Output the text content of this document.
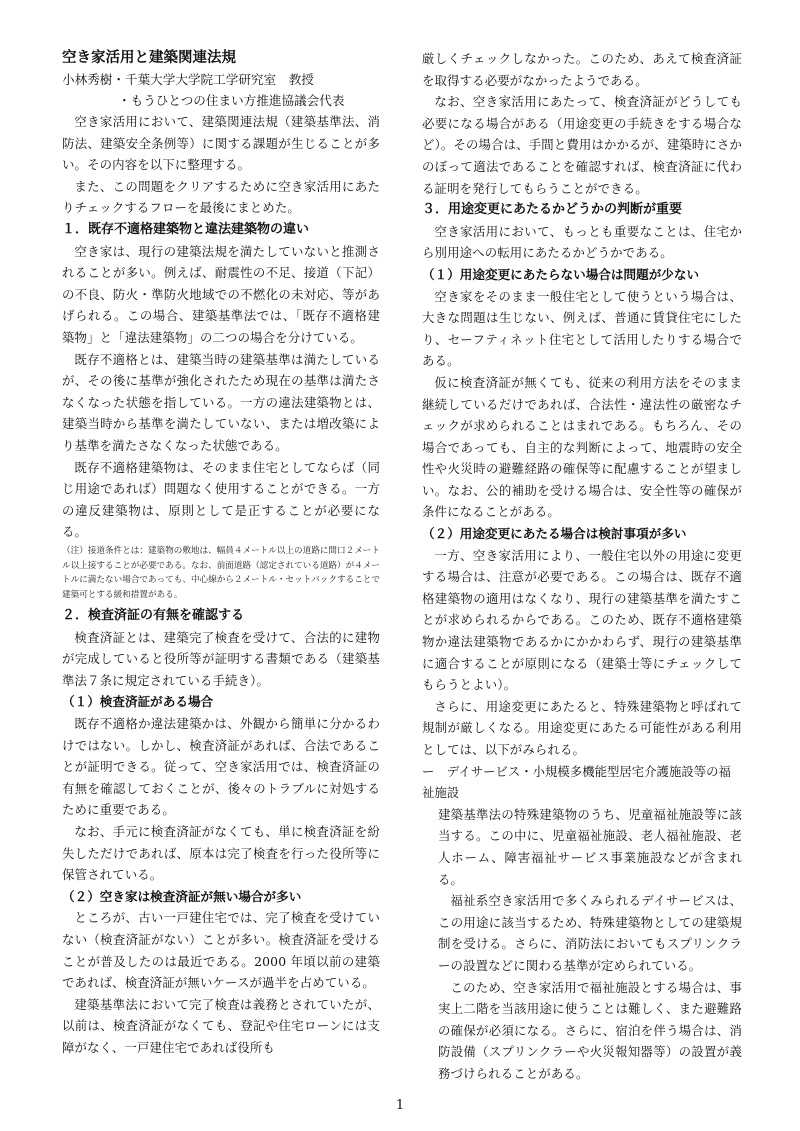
空き家活用と建築関連法規
小林秀樹・千葉大学大学院工学研究室　教授
・もうひとつの住まい方推進協議会代表

空き家活用において、建築関連法規（建築基準法、消防法、建築安全条例等）に関する課題が生じることが多い。その内容を以下に整理する。

また、この問題をクリアするために空き家活用にあたりチェックするフローを最後にまとめた。

１．既存不適格建築物と違法建築物の違い

空き家は、現行の建築法規を満たしていないと推測されることが多い。例えば、耐震性の不足、接道（下記）の不良、防火・準防火地域での不燃化の未対応、等があげられる。この場合、建築基準法では、「既存不適格建築物」と「違法建築物」の二つの場合を分けている。

既存不適格とは、建築当時の建築基準は満たしているが、その後に基準が強化されたため現在の基準は満たさなくなった状態を指している。一方の違法建築物とは、建築当時から基準を満たしていない、または増改築により基準を満たさなくなった状態である。

既存不適格建築物は、そのまま住宅としてならば（同じ用途であれば）問題なく使用することができる。一方の違反建築物は、原則として是正することが必要になる。

（注）接道条件とは：建築物の敷地は、幅員４メートル以上の道路に間口２メートル以上接することが必要である。なお、前面道路（認定されている道路）が４メートルに満たない場合であっても、中心線から２メートル・セットバックすることで建築可とする緩和措置がある。

２．検査済証の有無を確認する

検査済証とは、建築完了検査を受けて、合法的に建物が完成していると役所等が証明する書類である（建築基準法７条に規定されている手続き）。

（１）検査済証がある場合

既存不適格か違法建築かは、外観から簡単に分かるわけではない。しかし、検査済証があれば、合法であることが証明できる。従って、空き家活用では、検査済証の有無を確認しておくことが、後々のトラブルに対処するために重要である。

なお、手元に検査済証がなくても、単に検査済証を紛失しただけであれば、原本は完了検査を行った役所等に保管されている。

（２）空き家は検査済証が無い場合が多い

ところが、古い一戸建住宅では、完了検査を受けていない（検査済証がない）ことが多い。検査済証を受けることが普及したのは最近である。2000 年頃以前の建築であれば、検査済証が無いケースが過半を占めている。

建築基準法において完了検査は義務とされていたが、以前は、検査済証がなくても、登記や住宅ローンには支障がなく、一戸建住宅であれば役所も

厳しくチェックしなかった。このため、あえて検査済証を取得する必要がなかったようである。

なお、空き家活用にあたって、検査済証がどうしても必要になる場合がある（用途変更の手続きをする場合など）。その場合は、手間と費用はかかるが、建築時にさかのぼって適法であることを確認すれば、検査済証に代わる証明を発行してもらうことができる。

３．用途変更にあたるかどうかの判断が重要

空き家活用において、もっとも重要なことは、住宅から別用途への転用にあたるかどうかである。

（１）用途変更にあたらない場合は問題が少ない

空き家をそのまま一般住宅として使うという場合は、大きな問題は生じない、例えば、普通に賃貸住宅にしたり、セーフティネット住宅として活用したりする場合である。

仮に検査済証が無くても、従来の利用方法をそのまま継続しているだけであれば、合法性・違法性の厳密なチェックが求められることはまれである。もちろん、その場合であっても、自主的な判断によって、地震時の安全性や火災時の避難経路の確保等に配慮することが望ましい。なお、公的補助を受ける場合は、安全性等の確保が条件になることがある。

（２）用途変更にあたる場合は検討事項が多い

一方、空き家活用により、一般住宅以外の用途に変更する場合は、注意が必要である。この場合は、既存不適格建築物の適用はなくなり、現行の建築基準を満たすことが求められるからである。このため、既存不適格建築物か違法建築物であるかにかかわらず、現行の建築基準に適合することが原則になる（建築士等にチェックしてもらうとよい）。

さらに、用途変更にあたると、特殊建築物と呼ばれて規制が厳しくなる。用途変更にあたる可能性がある利用としては、以下がみられる。

ー　デイサービス・小規模多機能型居宅介護施設等の福祉施設

建築基準法の特殊建築物のうち、児童福祉施設等に該当する。この中に、児童福祉施設、老人福祉施設、老人ホーム、障害福祉サービス事業施設などが含まれる。

福祉系空き家活用で多くみられるデイサービスは、この用途に該当するため、特殊建築物としての建築規制を受ける。さらに、消防法においてもスプリンクラーの設置などに関わる基準が定められている。

このため、空き家活用で福祉施設とする場合は、事実上二階を当該用途に使うことは難しく、また避難路の確保が必須になる。さらに、宿泊を伴う場合は、消防設備（スプリンクラーや火災報知器等）の設置が義務づけられることがある。

1
